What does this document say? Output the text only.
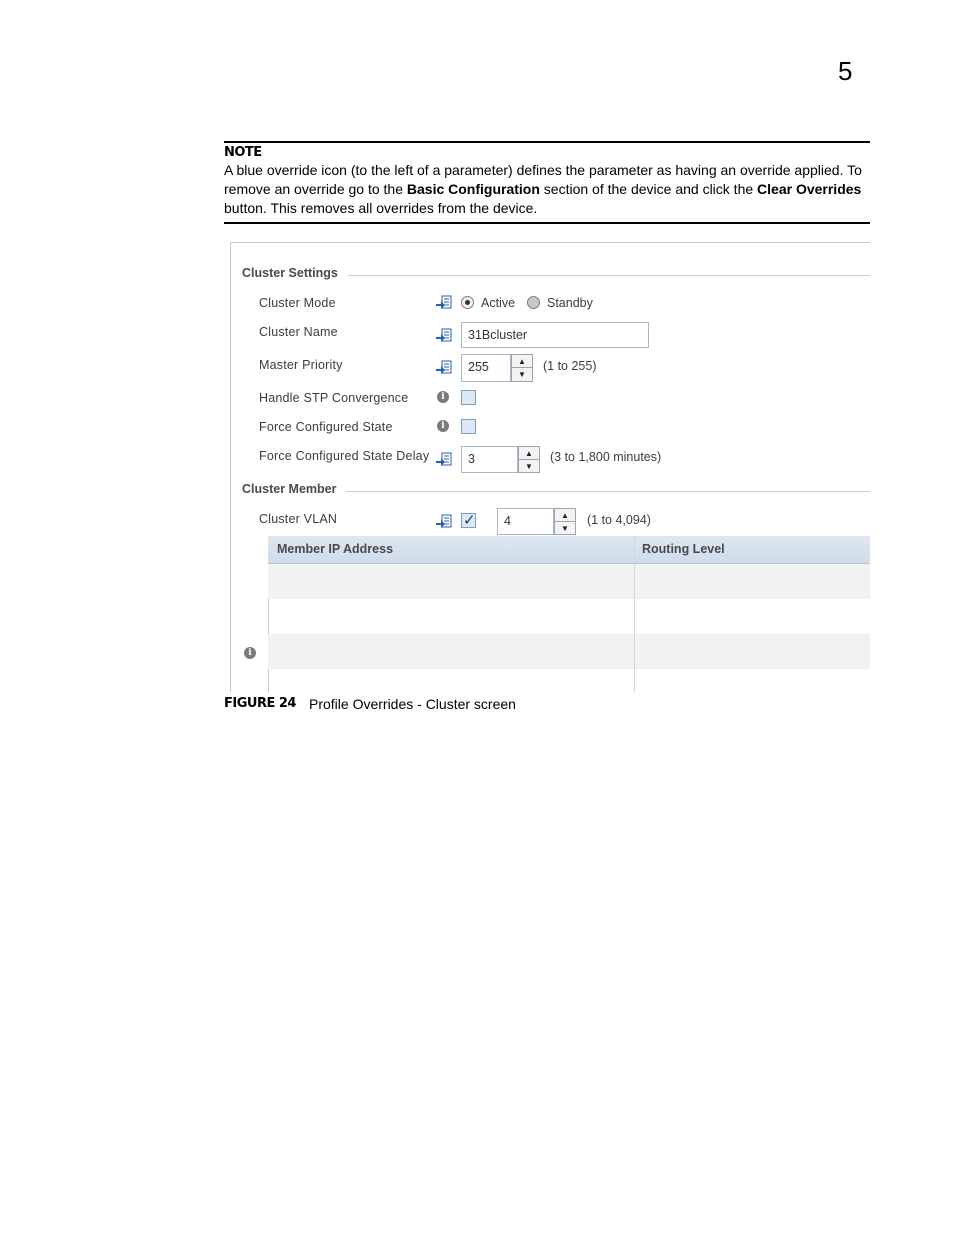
5
NOTE
A blue override icon (to the left of a parameter) defines the parameter as having an override applied. To remove an override go to the Basic Configuration section of the device and click the Clear Overrides button. This removes all overrides from the device.
Cluster Settings
Cluster Mode	Active	Standby
Cluster Name	31Bcluster
Master Priority	255	▲
▼
(1 to 255)
Handle STP Convergence	i
Force Configured State	i
Force Configured State Delay	3	▲
▼
(3 to 1,800 minutes)
Cluster Member
Cluster VLAN
✓	4	▲
▼
(1 to 4,094)
Member IP Address	Routing Level
i
FIGURE 24 Profile Overrides - Cluster screen
